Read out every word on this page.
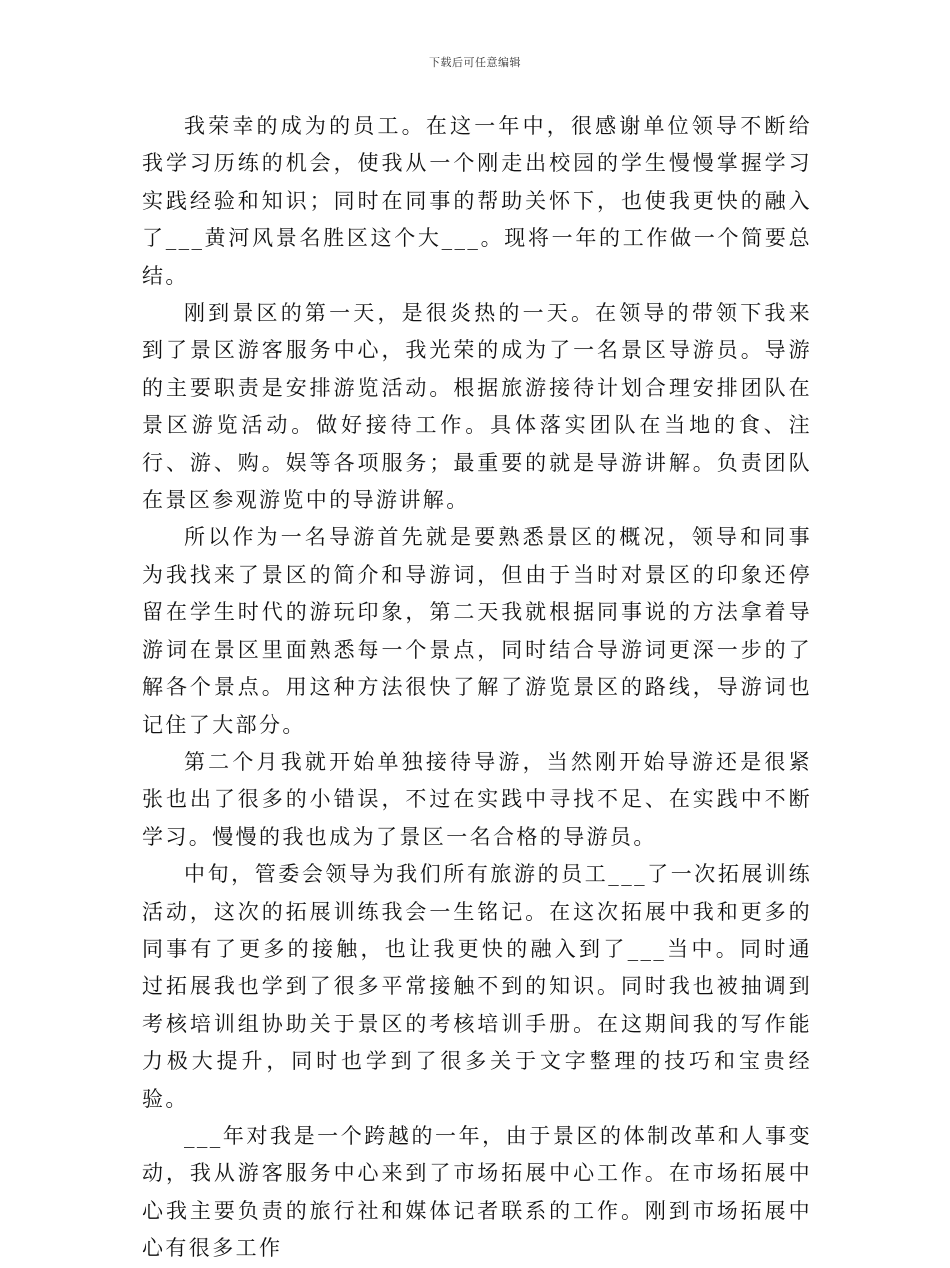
下载后可任意编辑

我荣幸的成为的员工。在这一年中，很感谢单位领导不断给我学习历练的机会，使我从一个刚走出校园的学生慢慢掌握学习实践经验和知识；同时在同事的帮助关怀下，也使我更快的融入了___黄河风景名胜区这个大___。现将一年的工作做一个简要总结。

刚到景区的第一天，是很炎热的一天。在领导的带领下我来到了景区游客服务中心，我光荣的成为了一名景区导游员。导游的主要职责是安排游览活动。根据旅游接待计划合理安排团队在景区游览活动。做好接待工作。具体落实团队在当地的食、注行、游、购。娱等各项服务；最重要的就是导游讲解。负责团队在景区参观游览中的导游讲解。

所以作为一名导游首先就是要熟悉景区的概况，领导和同事为我找来了景区的简介和导游词，但由于当时对景区的印象还停留在学生时代的游玩印象，第二天我就根据同事说的方法拿着导游词在景区里面熟悉每一个景点，同时结合导游词更深一步的了解各个景点。用这种方法很快了解了游览景区的路线，导游词也记住了大部分。

第二个月我就开始单独接待导游，当然刚开始导游还是很紧张也出了很多的小错误，不过在实践中寻找不足、在实践中不断学习。慢慢的我也成为了景区一名合格的导游员。

中旬，管委会领导为我们所有旅游的员工___了一次拓展训练活动，这次的拓展训练我会一生铭记。在这次拓展中我和更多的同事有了更多的接触，也让我更快的融入到了___当中。同时通过拓展我也学到了很多平常接触不到的知识。同时我也被抽调到考核培训组协助关于景区的考核培训手册。在这期间我的写作能力极大提升，同时也学到了很多关于文字整理的技巧和宝贵经验。

___年对我是一个跨越的一年，由于景区的体制改革和人事变动，我从游客服务中心来到了市场拓展中心工作。在市场拓展中心我主要负责的旅行社和媒体记者联系的工作。刚到市场拓展中心有很多工作
